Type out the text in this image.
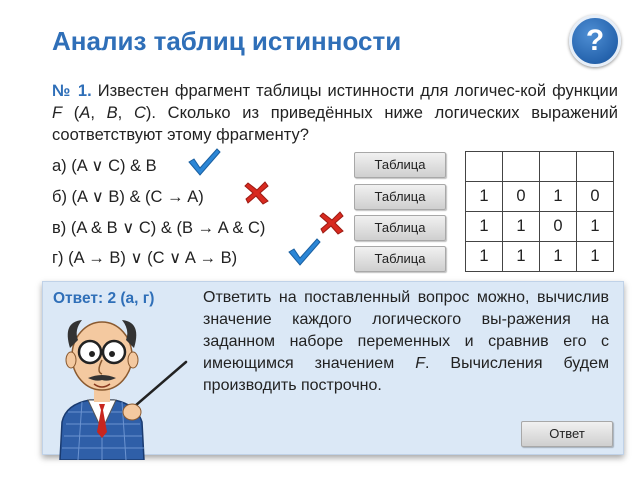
Анализ таблиц истинности	?
№ 1. Известен фрагмент таблицы истинности для логичес-кой функции F (A, B, C). Сколько из приведённых ниже логических выражений соответствуют этому фрагменту?
а) (A ∨ C) & B
б) (A ∨ B) & (C → A)
в) (A & B ∨ C) & (B → A & C)
г) (A → B) ∨ (C ∨ A → B)
Таблица
Таблица
Таблица
Таблица

1	0	1	0
1	1	0	1
1	1	1	1
Ответ: 2 (а, г)	Ответить на поставленный вопрос можно, вычислив значение каждого логического вы-ражения на заданном наборе переменных и сравнив его с имеющимся значением F. Вычисления будем производить построчно.
Ответ
